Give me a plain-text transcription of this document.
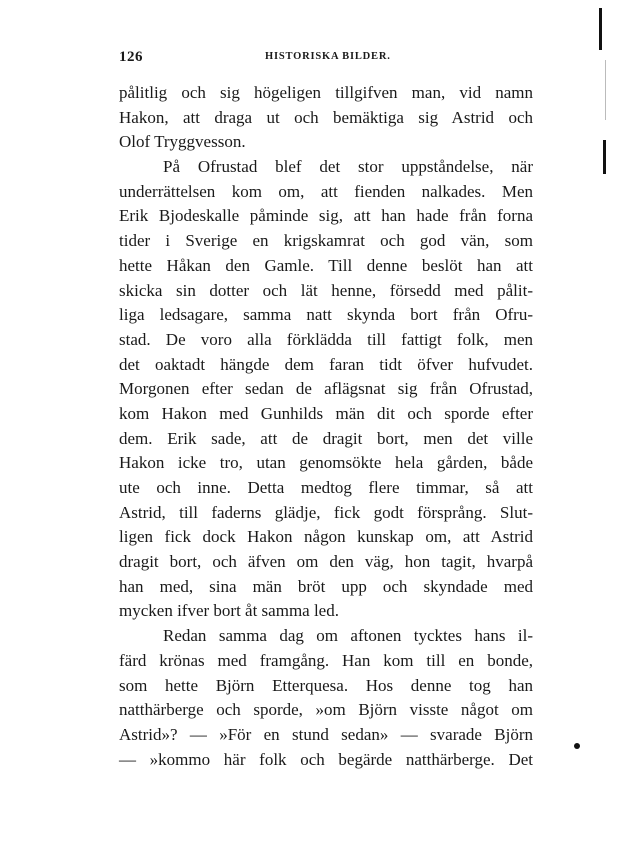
126	HISTORISKA BILDER.
pålitlig och sig högeligen tillgifven man, vid namn
Hakon, att draga ut och bemäktiga sig Astrid och
Olof Tryggvesson.
På Ofrustad blef det stor uppståndelse, när
underrättelsen kom om, att fienden nalkades. Men
Erik Bjodeskalle påminde sig, att han hade från forna
tider i Sverige en krigskamrat och god vän, som
hette Håkan den Gamle. Till denne beslöt han att
skicka sin dotter och lät henne, försedd med pålit-
liga ledsagare, samma natt skynda bort från Ofru-
stad. De voro alla förklädda till fattigt folk, men
det oaktadt hängde dem faran tidt öfver hufvudet.
Morgonen efter sedan de aflägsnat sig från Ofrustad,
kom Hakon med Gunhilds män dit och sporde efter
dem. Erik sade, att de dragit bort, men det ville
Hakon icke tro, utan genomsökte hela gården, både
ute och inne. Detta medtog flere timmar, så att
Astrid, till faderns glädje, fick godt försprång. Slut-
ligen fick dock Hakon någon kunskap om, att Astrid
dragit bort, och äfven om den väg, hon tagit, hvarpå
han med, sina män bröt upp och skyndade med
mycken ifver bort åt samma led.
Redan samma dag om aftonen tycktes hans il-
färd krönas med framgång. Han kom till en bonde,
som hette Björn Etterquesa. Hos denne tog han
natthärberge och sporde, »om Björn visste något om
Astrid»? — »För en stund sedan» — svarade Björn
— »kommo här folk och begärde natthärberge. Det
